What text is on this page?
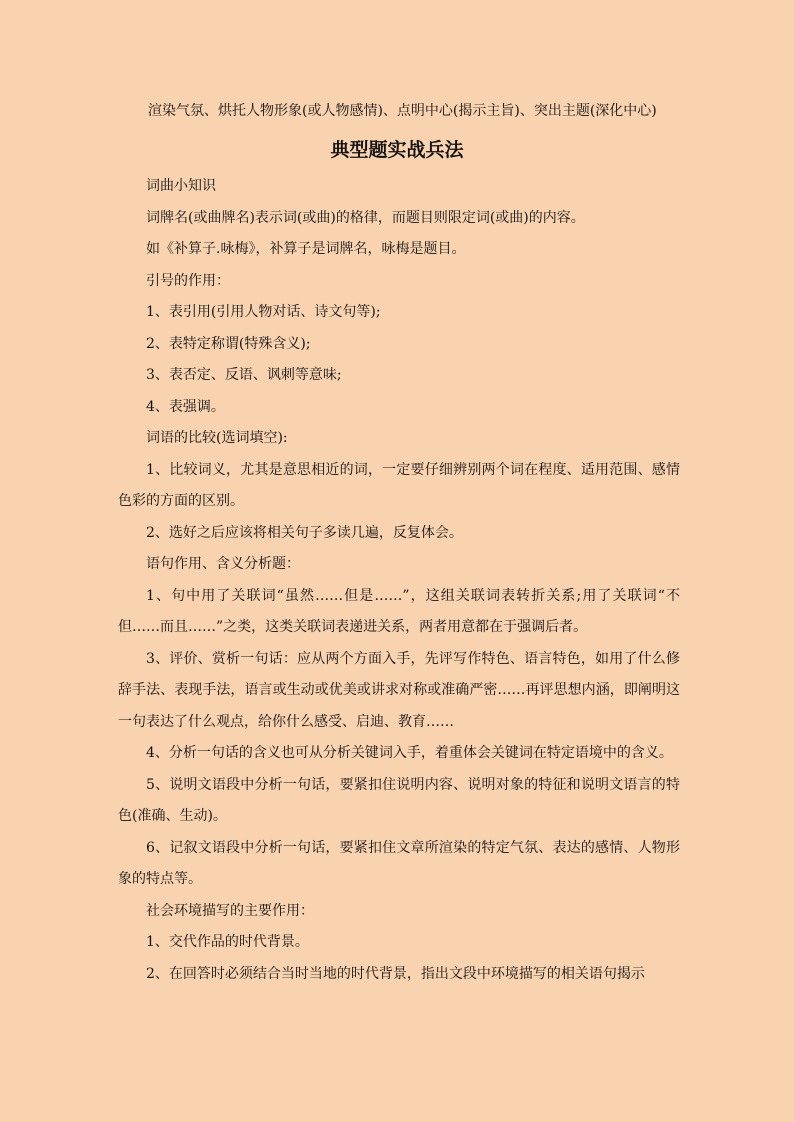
渲染气氛、烘托人物形象(或人物感情)、点明中心(揭示主旨)、突出主题(深化中心)
典型题实战兵法

词曲小知识

词牌名(或曲牌名)表示词(或曲)的格律，而题目则限定词(或曲)的内容。

如《补算子.咏梅》，补算子是词牌名，咏梅是题目。

引号的作用：

1、表引用(引用人物对话、诗文句等);

2、表特定称谓(特殊含义);

3、表否定、反语、讽刺等意味;

4、表强调。

词语的比较(选词填空):

1、比较词义，尤其是意思相近的词，一定要仔细辨别两个词在程度、适用范围、感情色彩的方面的区别。

2、选好之后应该将相关句子多读几遍，反复体会。

语句作用、含义分析题：

1、句中用了关联词“虽然……但是……”，这组关联词表转折关系;用了关联词“不但……而且……”之类，这类关联词表递进关系，两者用意都在于强调后者。

3、评价、赏析一句话：应从两个方面入手，先评写作特色、语言特色，如用了什么修辞手法、表现手法，语言或生动或优美或讲求对称或准确严密……再评思想内涵，即阐明这一句表达了什么观点，给你什么感受、启迪、教育……

4、分析一句话的含义也可从分析关键词入手，着重体会关键词在特定语境中的含义。

5、说明文语段中分析一句话，要紧扣住说明内容、说明对象的特征和说明文语言的特色(准确、生动)。

6、记叙文语段中分析一句话，要紧扣住文章所渲染的特定气氛、表达的感情、人物形象的特点等。

社会环境描写的主要作用：

1、交代作品的时代背景。

2、在回答时必须结合当时当地的时代背景，指出文段中环境描写的相关语句揭示
